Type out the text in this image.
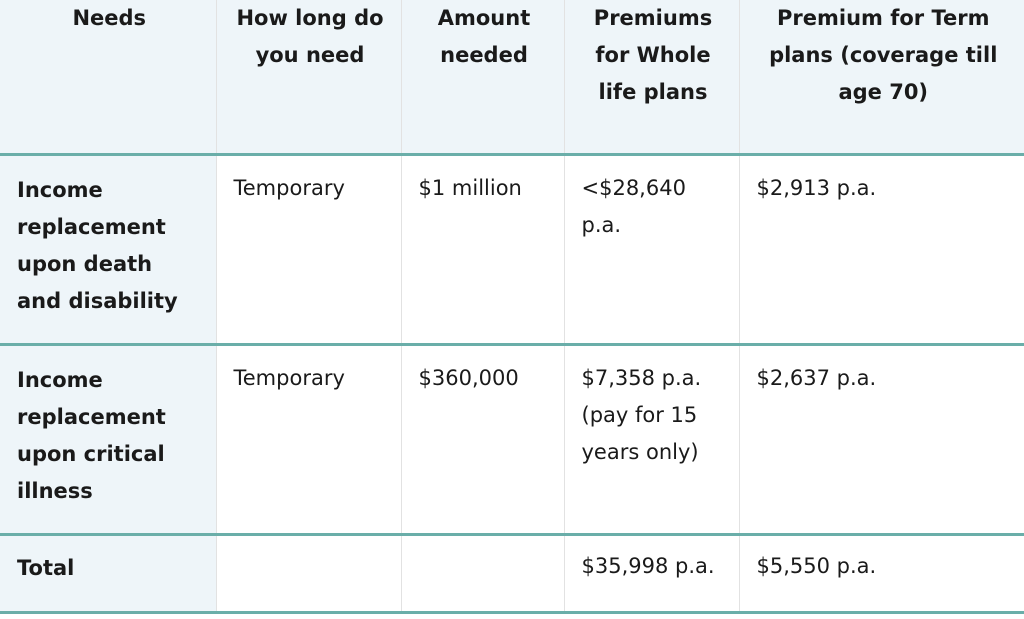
Needs	How long do you need	Amount needed	Premiums for Whole life plans	Premium for Term plans (coverage till age 70)
Income replacement upon death and disability	Temporary	$1 million	<$28,640 p.a.	$2,913 p.a.
Income replacement upon critical illness	Temporary	$360,000	$7,358 p.a. (pay for 15 years only)	$2,637 p.a.
Total			$35,998 p.a.	$5,550 p.a.
